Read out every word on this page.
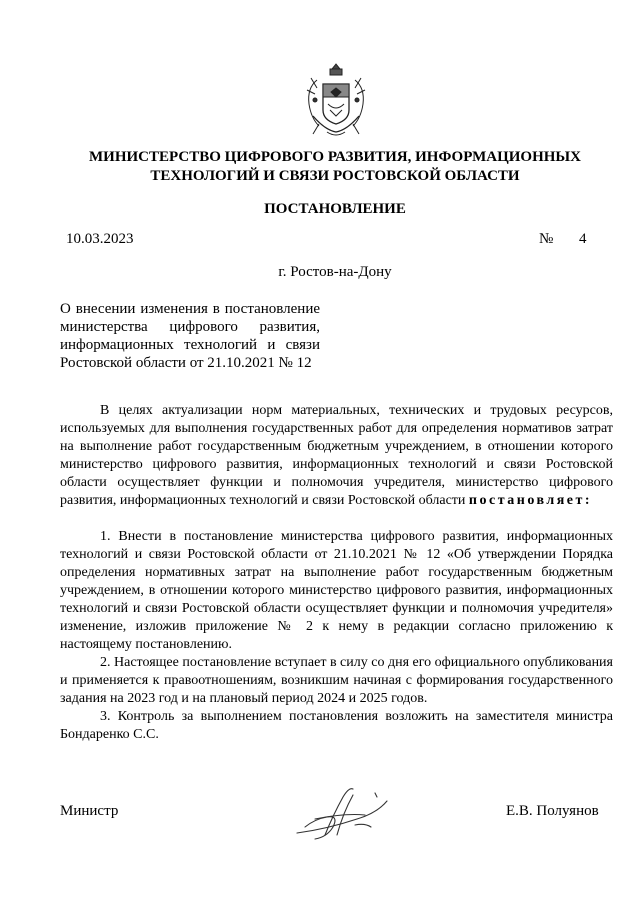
МИНИСТЕРСТВО ЦИФРОВОГО РАЗВИТИЯ, ИНФОРМАЦИОННЫХ
ТЕХНОЛОГИЙ И СВЯЗИ РОСТОВСКОЙ ОБЛАСТИ
ПОСТАНОВЛЕНИЕ
10.03.2023	№ 4
г. Ростов-на-Дону
О внесении изменения в постановление министерства цифрового развития, информационных технологий и связи Ростовской области от 21.10.2021 № 12

В целях актуализации норм материальных, технических и трудовых ресурсов, используемых для выполнения государственных работ для определения нормативов затрат на выполнение работ государственным бюджетным учреждением, в отношении которого министерство цифрового развития, информационных технологий и связи Ростовской области осуществляет функции и полномочия учредителя, министерство цифрового развития, информационных технологий и связи Ростовской области постановляет:

1. Внести в постановление министерства цифрового развития, информационных технологий и связи Ростовской области от 21.10.2021 № 12 «Об утверждении Порядка определения нормативных затрат на выполнение работ государственным бюджетным учреждением, в отношении которого министерство цифрового развития, информационных технологий и связи Ростовской области осуществляет функции и полномочия учредителя» изменение, изложив приложение № 2 к нему в редакции согласно приложению к настоящему постановлению.

2. Настоящее постановление вступает в силу со дня его официального опубликования и применяется к правоотношениям, возникшим начиная с формирования государственного задания на 2023 год и на плановый период 2024 и 2025 годов.

3. Контроль за выполнением постановления возложить на заместителя министра Бондаренко С.С.

Министр	Е.В. Полуянов
